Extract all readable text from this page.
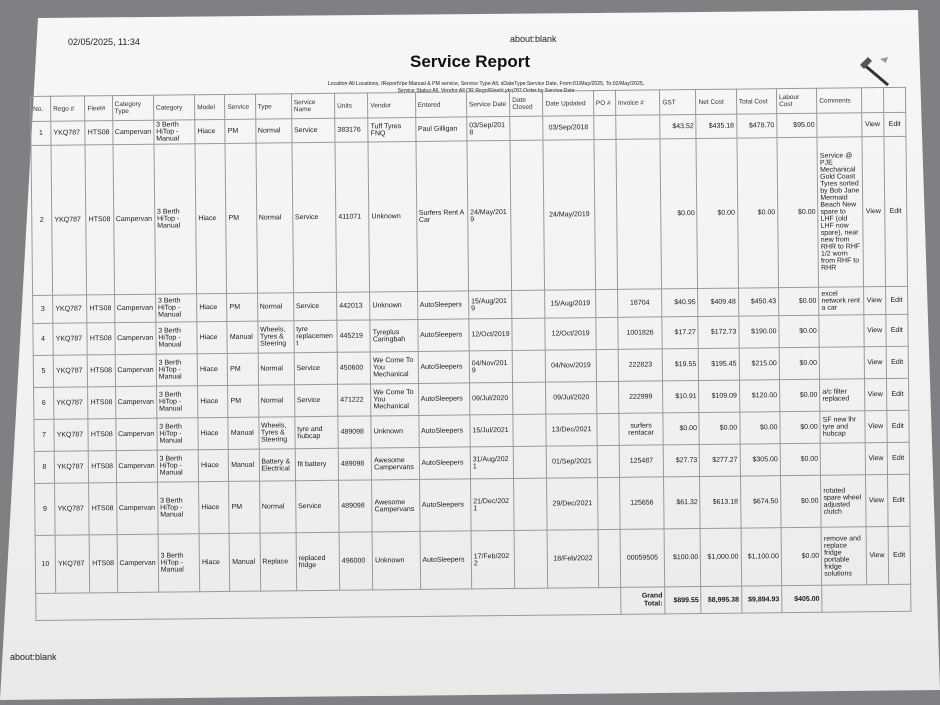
02/05/2025, 11:34	about:blank
Service Report
Location:All Locations, IReportVpe:Manual & PM service, Service Type:All, sDateType:Service Date, From:01/May/2025, To:02/May/2025,
Service Status:All, Vendor:All OR Rego/Fleet# ykq787 Order by Service Date
No.	Rego #	Fleet#	Category Type	Category	Model	Service	Type	Service Name	Units	Vendor	Entered	Service Date	Date Closed	Date Updated	PO #	Invoice #	GST	Net Cost	Total Cost	Labour Cost	Comments		
1	YKQ787	HTS08	Campervan	3 Berth HiTop - Manual	Hiace	PM	Normal	Service	383176	Tuff Tyres FNQ	Paul Gilligan	03/Sep/2018		03/Sep/2018			$43.52	$435.18	$478.70	$95.00		View	Edit
2	YKQ787	HTS08	Campervan	3 Berth HiTop - Manual	Hiace	PM	Normal	Service	411071	Unknown	Surfers Rent A Car	24/May/2019		24/May/2019			$0.00	$0.00	$0.00	$0.00	Service @ PJE Mechanical Gold Coast Tyres sorted by Bob Jane Mermaid Beach New spare to LHF (old LHF now spare), near new from RHR to RHF 1/2 worn from RHF to RHR	View	Edit
3	YKQ787	HTS08	Campervan	3 Berth HiTop - Manual	Hiace	PM	Normal	Service	442013	Unknown	AutoSleepers	15/Aug/2019		15/Aug/2019		18704	$40.95	$409.48	$450.43	$0.00	excel network rent a car	View	Edit
4	YKQ787	HTS08	Campervan	3 Berth HiTop - Manual	Hiace	Manual	Wheels, Tyres & Steering	tyre replacement	445219	Tyreplus Caringbah	AutoSleepers	12/Oct/2019		12/Oct/2019		1001826	$17.27	$172.73	$190.00	$0.00		View	Edit
5	YKQ787	HTS08	Campervan	3 Berth HiTop - Manual	Hiace	PM	Normal	Service	450600	We Come To You Mechanical	AutoSleepers	04/Nov/2019		04/Nov/2019		222823	$19.55	$195.45	$215.00	$0.00		View	Edit
6	YKQ787	HTS08	Campervan	3 Berth HiTop - Manual	Hiace	PM	Normal	Service	471222	We Come To You Mechanical	AutoSleepers	09/Jul/2020		09/Jul/2020		222999	$10.91	$109.09	$120.00	$0.00	a/c filter replaced	View	Edit
7	YKQ787	HTS08	Campervan	3 Berth HiTop - Manual	Hiace	Manual	Wheels, Tyres & Steering	tyre and hubcap	489098	Unknown	AutoSleepers	15/Jul/2021		13/Dec/2021		surfers rentacar	$0.00	$0.00	$0.00	$0.00	SF new lhr tyre and hubcap	View	Edit
8	YKQ787	HTS08	Campervan	3 Berth HiTop - Manual	Hiace	Manual	Battery & Electrical	fit battery	489098	Awesome Campervans	AutoSleepers	31/Aug/2021		01/Sep/2021		125487	$27.73	$277.27	$305.00	$0.00		View	Edit
9	YKQ787	HTS08	Campervan	3 Berth HiTop - Manual	Hiace	PM	Normal	Service	489098	Awesome Campervans	AutoSleepers	21/Dec/2021		29/Dec/2021		125656	$61.32	$613.18	$674.50	$0.00	rotated spare wheel adjusted clutch	View	Edit
10	YKQ787	HTS08	Campervan	3 Berth HiTop - Manual	Hiace	Manual	Replace	replaced fridge	496000	Unknown	AutoSleepers	17/Feb/2022		18/Feb/2022		00059505	$100.00	$1,000.00	$1,100.00	$0.00	remove and replace fridge portable fridge solutions	View	Edit
																Grand Total:	$899.55	$8,995.38	$9,894.93	$405.00			
about:blank
